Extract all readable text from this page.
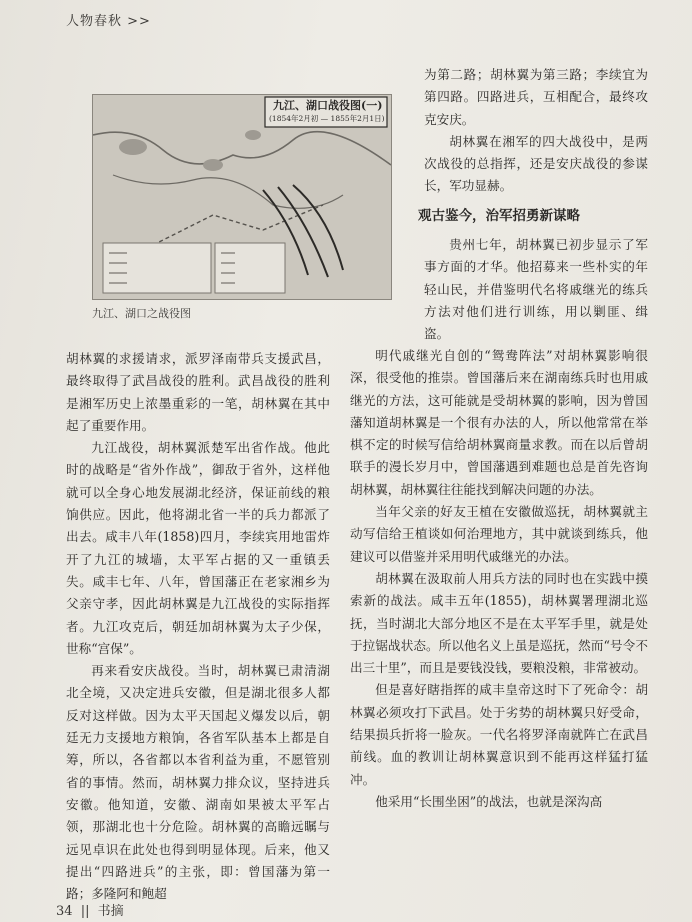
人物春秋 >>
九江、湖口战役图(一)
(1854年2月初 — 1855年2月1日)
九江、湖口之战役图

为第二路；胡林翼为第三路；李续宜为第四路。四路进兵，互相配合，最终攻克安庆。

胡林翼在湘军的四大战役中，是两次战役的总指挥，还是安庆战役的参谋长，军功显赫。

观古鉴今，治军招勇新谋略

贵州七年，胡林翼已初步显示了军事方面的才华。他招募来一些朴实的年轻山民，并借鉴明代名将戚继光的练兵方法对他们进行训练，用以剿匪、缉盗。

胡林翼的求援请求，派罗泽南带兵支援武昌，最终取得了武昌战役的胜利。武昌战役的胜利是湘军历史上浓墨重彩的一笔，胡林翼在其中起了重要作用。

九江战役，胡林翼派楚军出省作战。他此时的战略是“省外作战”，御敌于省外，这样他就可以全身心地发展湖北经济，保证前线的粮饷供应。因此，他将湖北省一半的兵力都派了出去。咸丰八年(1858)四月，李续宾用地雷炸开了九江的城墙，太平军占据的又一重镇丢失。咸丰七年、八年，曾国藩正在老家湘乡为父亲守孝，因此胡林翼是九江战役的实际指挥者。九江攻克后，朝廷加胡林翼为太子少保，世称“宫保”。

再来看安庆战役。当时，胡林翼已肃清湖北全境，又决定进兵安徽，但是湖北很多人都反对这样做。因为太平天国起义爆发以后，朝廷无力支援地方粮饷，各省军队基本上都是自筹，所以，各省都以本省利益为重，不愿管别省的事情。然而，胡林翼力排众议，坚持进兵安徽。他知道，安徽、湖南如果被太平军占领，那湖北也十分危险。胡林翼的高瞻远瞩与远见卓识在此处也得到明显体现。后来，他又提出“四路进兵”的主张，即：曾国藩为第一路；多隆阿和鲍超

明代戚继光自创的“鸳鸯阵法”对胡林翼影响很深，很受他的推崇。曾国藩后来在湖南练兵时也用戚继光的方法，这可能就是受胡林翼的影响，因为曾国藩知道胡林翼是一个很有办法的人，所以他常常在举棋不定的时候写信给胡林翼商量求教。而在以后曾胡联手的漫长岁月中，曾国藩遇到难题也总是首先咨询胡林翼，胡林翼往往能找到解决问题的办法。

当年父亲的好友王植在安徽做巡抚，胡林翼就主动写信给王植谈如何治理地方，其中就谈到练兵，他建议可以借鉴并采用明代戚继光的办法。

胡林翼在汲取前人用兵方法的同时也在实践中摸索新的战法。咸丰五年(1855)，胡林翼署理湖北巡抚，当时湖北大部分地区不是在太平军手里，就是处于拉锯战状态。所以他名义上虽是巡抚，然而“号令不出三十里”，而且是要钱没钱，要粮没粮，非常被动。

但是喜好瞎指挥的咸丰皇帝这时下了死命令：胡林翼必须攻打下武昌。处于劣势的胡林翼只好受命，结果损兵折将一脸灰。一代名将罗泽南就阵亡在武昌前线。血的教训让胡林翼意识到不能再这样猛打猛冲。

他采用“长围坐困”的战法，也就是深沟高

34 || 书摘
